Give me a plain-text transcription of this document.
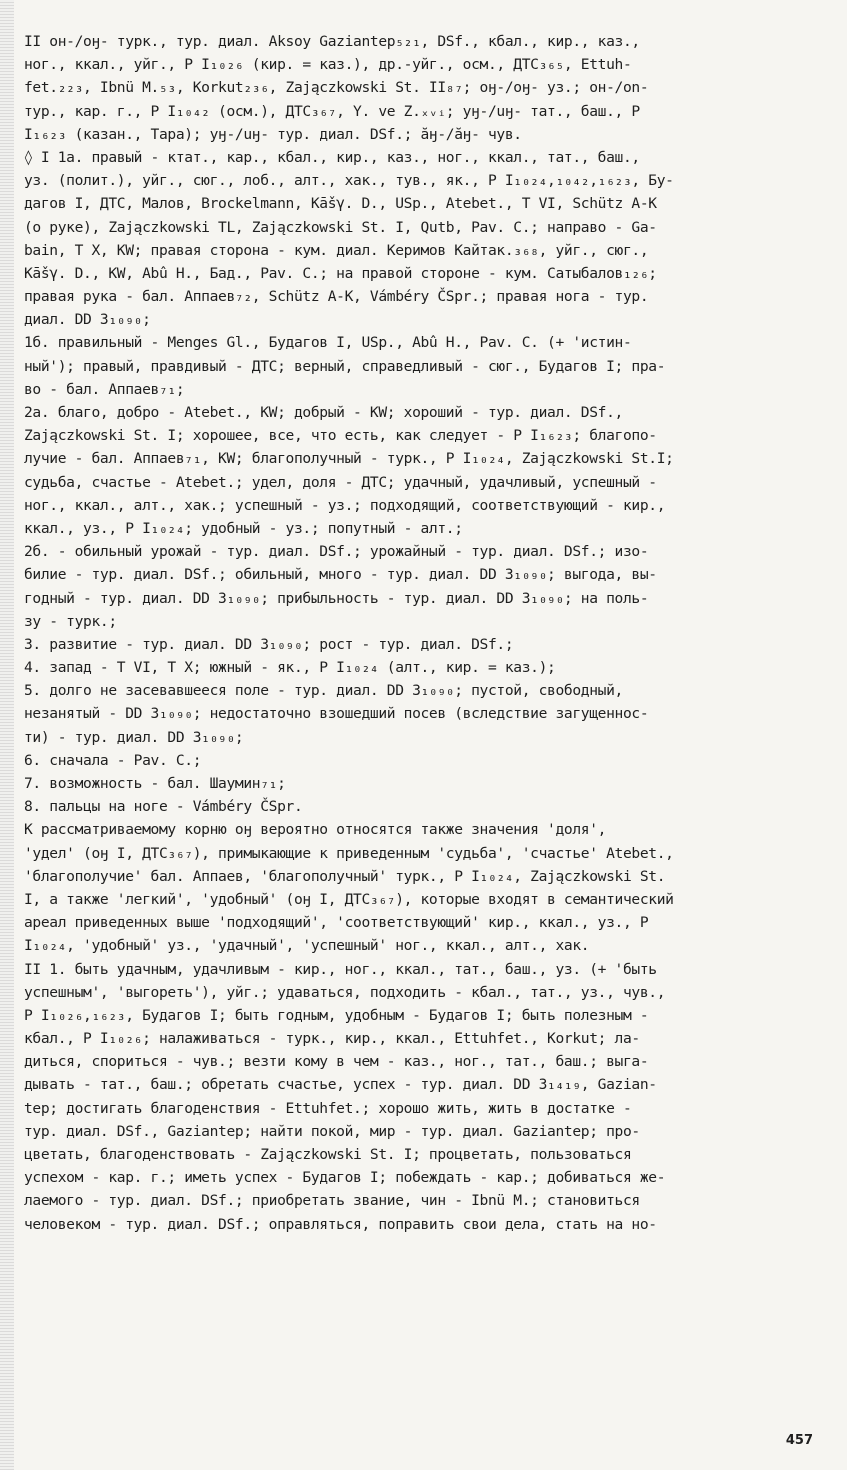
II он-/оӈ- турк., тур. диал. Aksoy Gaziantep₅₂₁, DSf., кбал., кир., каз.,
ног., ккал., уйг., Р I₁₀₂₆ (кир. = каз.), др.-уйг., осм., ДТС₃₆₅, Ettuh-
fet.₂₂₃, Ibnü M.₅₃, Korkut₂₃₆, Zajączkowski St. II₈₇; оӈ-/оӈ- уз.; он-/оn-
тур., кар. г., Р I₁₀₄₂ (осм.), ДТС₃₆₇, Y. ve Z.ₓᵥᵢ; уӈ-/uӈ- тат., баш., Р
I₁₆₂₃ (казан., Тара); уӈ-/uӈ- тур. диал. DSf.; ăӈ-/ăӈ- чув.
◊ I 1а. правый - ктат., кар., кбал., кир., каз., ног., ккал., тат., баш.,
уз. (полит.), уйг., сюг., лоб., алт., хак., тув., як., Р I₁₀₂₄,₁₀₄₂,₁₆₂₃, Бу-
дагов I, ДТС, Малов, Brockelmann, Kāšγ. D., USp., Atebet., Т VI, Schütz A-K
(о руке), Zajączkowski TL, Zajączkowski St. I, Qutb, Pav. C.; направо - Ga-
bain, Т X, KW; правая сторона - кум. диал. Керимов Кайтак.₃₆₈, уйг., сюг.,
Kāšγ. D., KW, Abû H., Бад., Pav. C.; на правой стороне - кум. Сатыбалов₁₂₆;
правая рука - бал. Аппаев₇₂, Schütz A-K, Vámbéry ČSpr.; правая нога - тур.
диал. DD 3₁₀₉₀;
1б. правильный - Menges Gl., Будагов I, USp., Abû H., Pav. C. (+ 'истин-
ный'); правый, правдивый - ДТС; верный, справедливый - сюг., Будагов I; пра-
во - бал. Аппаев₇₁;
2а. благо, добро - Atebet., KW; добрый - KW; хороший - тур. диал. DSf.,
Zajączkowski St. I; хорошее, все, что есть, как следует - Р I₁₆₂₃; благопо-
лучие - бал. Аппаев₇₁, KW; благополучный - турк., Р I₁₀₂₄, Zajączkowski St.I;
судьба, счастье - Atebet.; удел, доля - ДТС; удачный, удачливый, успешный -
ног., ккал., алт., хак.; успешный - уз.; подходящий, соответствующий - кир.,
ккал., уз., Р I₁₀₂₄; удобный - уз.; попутный - алт.;
2б. - обильный урожай - тур. диал. DSf.; урожайный - тур. диал. DSf.; изо-
билие - тур. диал. DSf.; обильный, много - тур. диал. DD 3₁₀₉₀; выгода, вы-
годный - тур. диал. DD 3₁₀₉₀; прибыльность - тур. диал. DD 3₁₀₉₀; на поль-
зу - турк.;
3. развитие - тур. диал. DD 3₁₀₉₀; рост - тур. диал. DSf.;
4. запад - Т VI, Т X; южный - як., Р I₁₀₂₄ (алт., кир. = каз.);
5. долго не засевавшееся поле - тур. диал. DD 3₁₀₉₀; пустой, свободный,
незанятый - DD 3₁₀₉₀; недостаточно взошедший посев (вследствие загущеннос-
ти) - тур. диал. DD 3₁₀₉₀;
6. сначала - Pav. C.;
7. возможность - бал. Шаумин₇₁;
8. пальцы на ноге - Vámbéry ČSpr.
К рассматриваемому корню оӈ вероятно относятся также значения 'доля',
'удел' (оӈ I, ДТС₃₆₇), примыкающие к приведенным 'судьба', 'счастье' Atebet.,
'благополучие' бал. Аппаев, 'благополучный' турк., Р I₁₀₂₄, Zajączkowski St.
I, а также 'легкий', 'удобный' (оӈ I, ДТС₃₆₇), которые входят в семантический
ареал приведенных выше 'подходящий', 'соответствующий' кир., ккал., уз., Р
I₁₀₂₄, 'удобный' уз., 'удачный', 'успешный' ног., ккал., алт., хак.
II 1. быть удачным, удачливым - кир., ног., ккал., тат., баш., уз. (+ 'быть
успешным', 'выгореть'), уйг.; удаваться, подходить - кбал., тат., уз., чув.,
Р I₁₀₂₆,₁₆₂₃, Будагов I; быть годным, удобным - Будагов I; быть полезным -
кбал., Р I₁₀₂₆; налаживаться - турк., кир., ккал., Ettuhfet., Korkut; ла-
диться, спориться - чув.; везти кому в чем - каз., ног., тат., баш.; выга-
дывать - тат., баш.; обретать счастье, успех - тур. диал. DD 3₁₄₁₉, Gazian-
tep; достигать благоденствия - Ettuhfet.; хорошо жить, жить в достатке -
тур. диал. DSf., Gaziantep; найти покой, мир - тур. диал. Gaziantep; про-
цветать, благоденствовать - Zajączkowski St. I; процветать, пользоваться
успехом - кар. г.; иметь успех - Будагов I; побеждать - кар.; добиваться же-
лаемого - тур. диал. DSf.; приобретать звание, чин - Ibnü M.; становиться
человеком - тур. диал. DSf.; оправляться, поправить свои дела, стать на но-
457
